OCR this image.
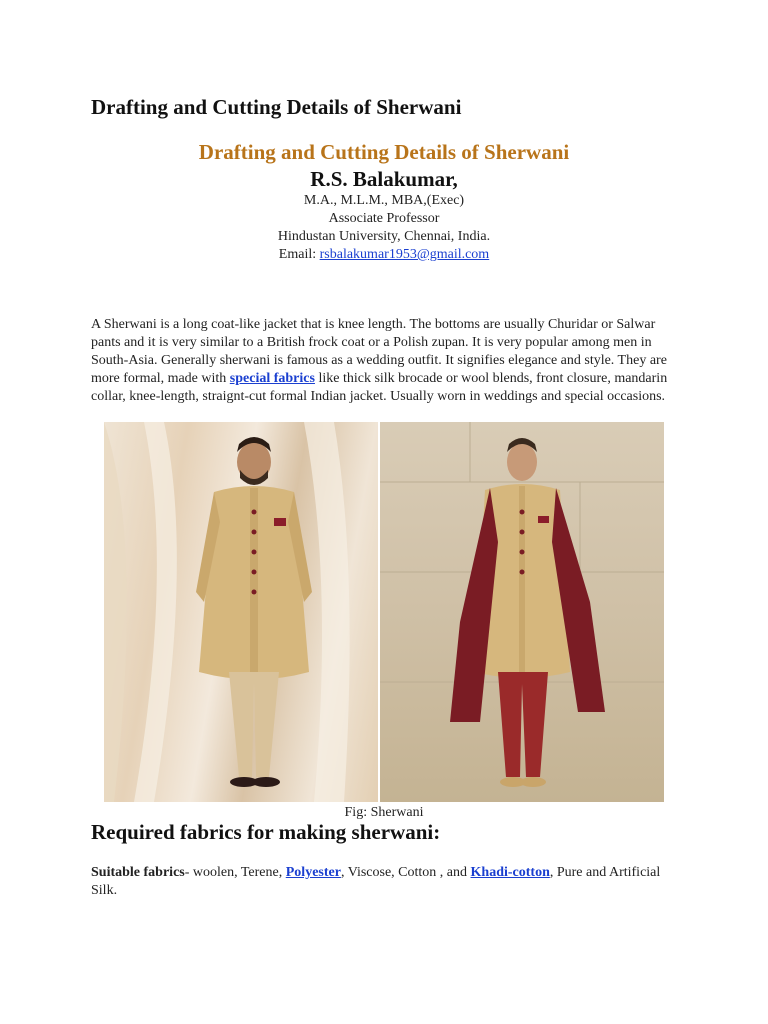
Drafting and Cutting Details of Sherwani
Drafting and Cutting Details of Sherwani
R.S. Balakumar,
M.A., M.L.M., MBA,(Exec)
Associate Professor
Hindustan University, Chennai, India.
Email: rsbalakumar1953@gmail.com

A Sherwani is a long coat-like jacket that is knee length. The bottoms are usually Churidar or Salwar pants and it is very similar to a British frock coat or a Polish zupan. It is very popular among men in South-Asia. Generally sherwani is famous as a wedding outfit. It signifies elegance and style. They are more formal, made with special fabrics like thick silk brocade or wool blends, front closure, mandarin collar, knee-length, straignt-cut formal Indian jacket. Usually worn in weddings and special occasions.

Fig: Sherwani
Required fabrics for making sherwani:

Suitable fabrics- woolen, Terene, Polyester, Viscose, Cotton , and Khadi-cotton, Pure and Artificial Silk.
